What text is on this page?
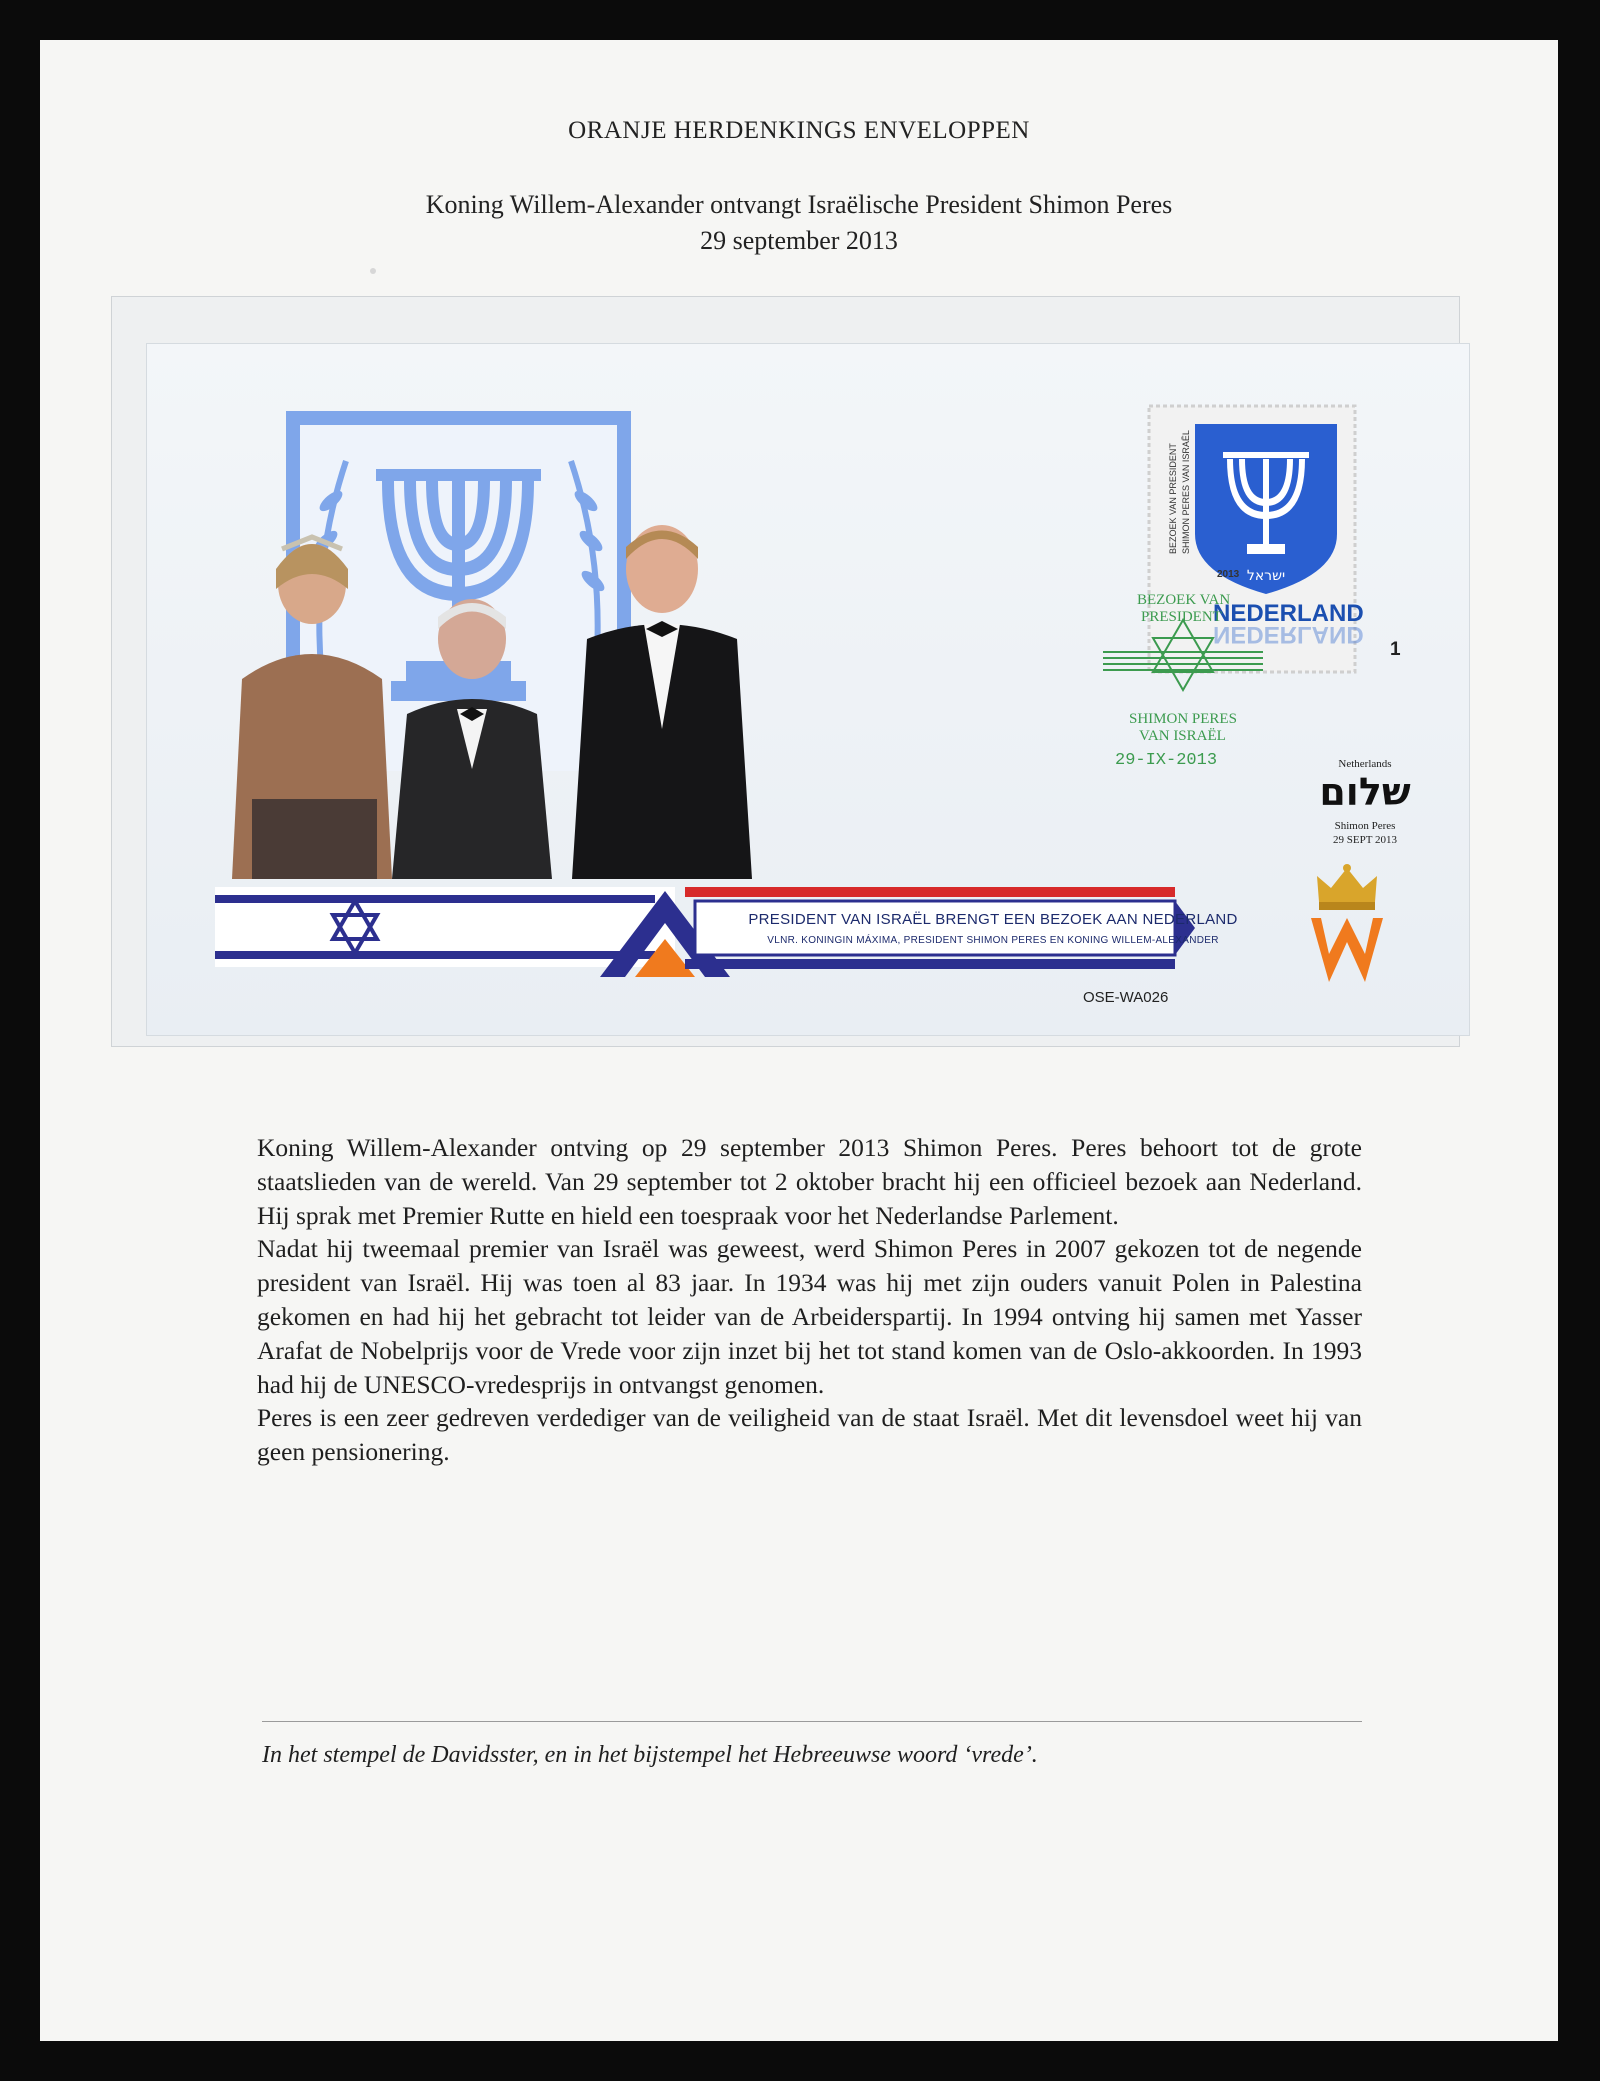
ORANJE HERDENKINGS ENVELOPPEN
Koning Willem-Alexander ontvangt Israëlische President Shimon Peres
29 september 2013
PRESIDENT VAN ISRAËL BRENGT EEN BEZOEK AAN NEDERLAND
VLNR. KONINGIN MÁXIMA, PRESIDENT SHIMON PERES EN KONING WILLEM-ALEXANDER
OSE-WA026
ישראל
BEZOEK VAN PRESIDENT SHIMON PERES VAN ISRAËL
2013
NEDERLAND
NEDERLAND
1
BEZOEK VAN
PRESIDENT
SHIMON PERES
VAN ISRAËL
29-IX-2013	Netherlands
שלום
Shimon Peres
29 SEPT 2013

Koning Willem-Alexander ontving op 29 september 2013 Shimon Peres. Peres behoort tot de grote staatslieden van de wereld. Van 29 september tot 2 oktober bracht hij een officieel bezoek aan Nederland. Hij sprak met Premier Rutte en hield een toespraak voor het Nederlandse Parlement.

Nadat hij tweemaal premier van Israël was geweest, werd Shimon Peres in 2007 gekozen tot de negende president van Israël. Hij was toen al 83 jaar. In 1934 was hij met zijn ouders vanuit Polen in Palestina gekomen en had hij het gebracht tot leider van de Arbeiderspartij. In 1994 ontving hij samen met Yasser Arafat de Nobelprijs voor de Vrede voor zijn inzet bij het tot stand komen van de Oslo-akkoorden. In 1993 had hij de UNESCO-vredesprijs in ontvangst genomen.

Peres is een zeer gedreven verdediger van de veiligheid van de staat Israël. Met dit levensdoel weet hij van geen pensionering.

In het stempel de Davidsster, en in het bijstempel het Hebreeuwse woord ‘vrede’.
